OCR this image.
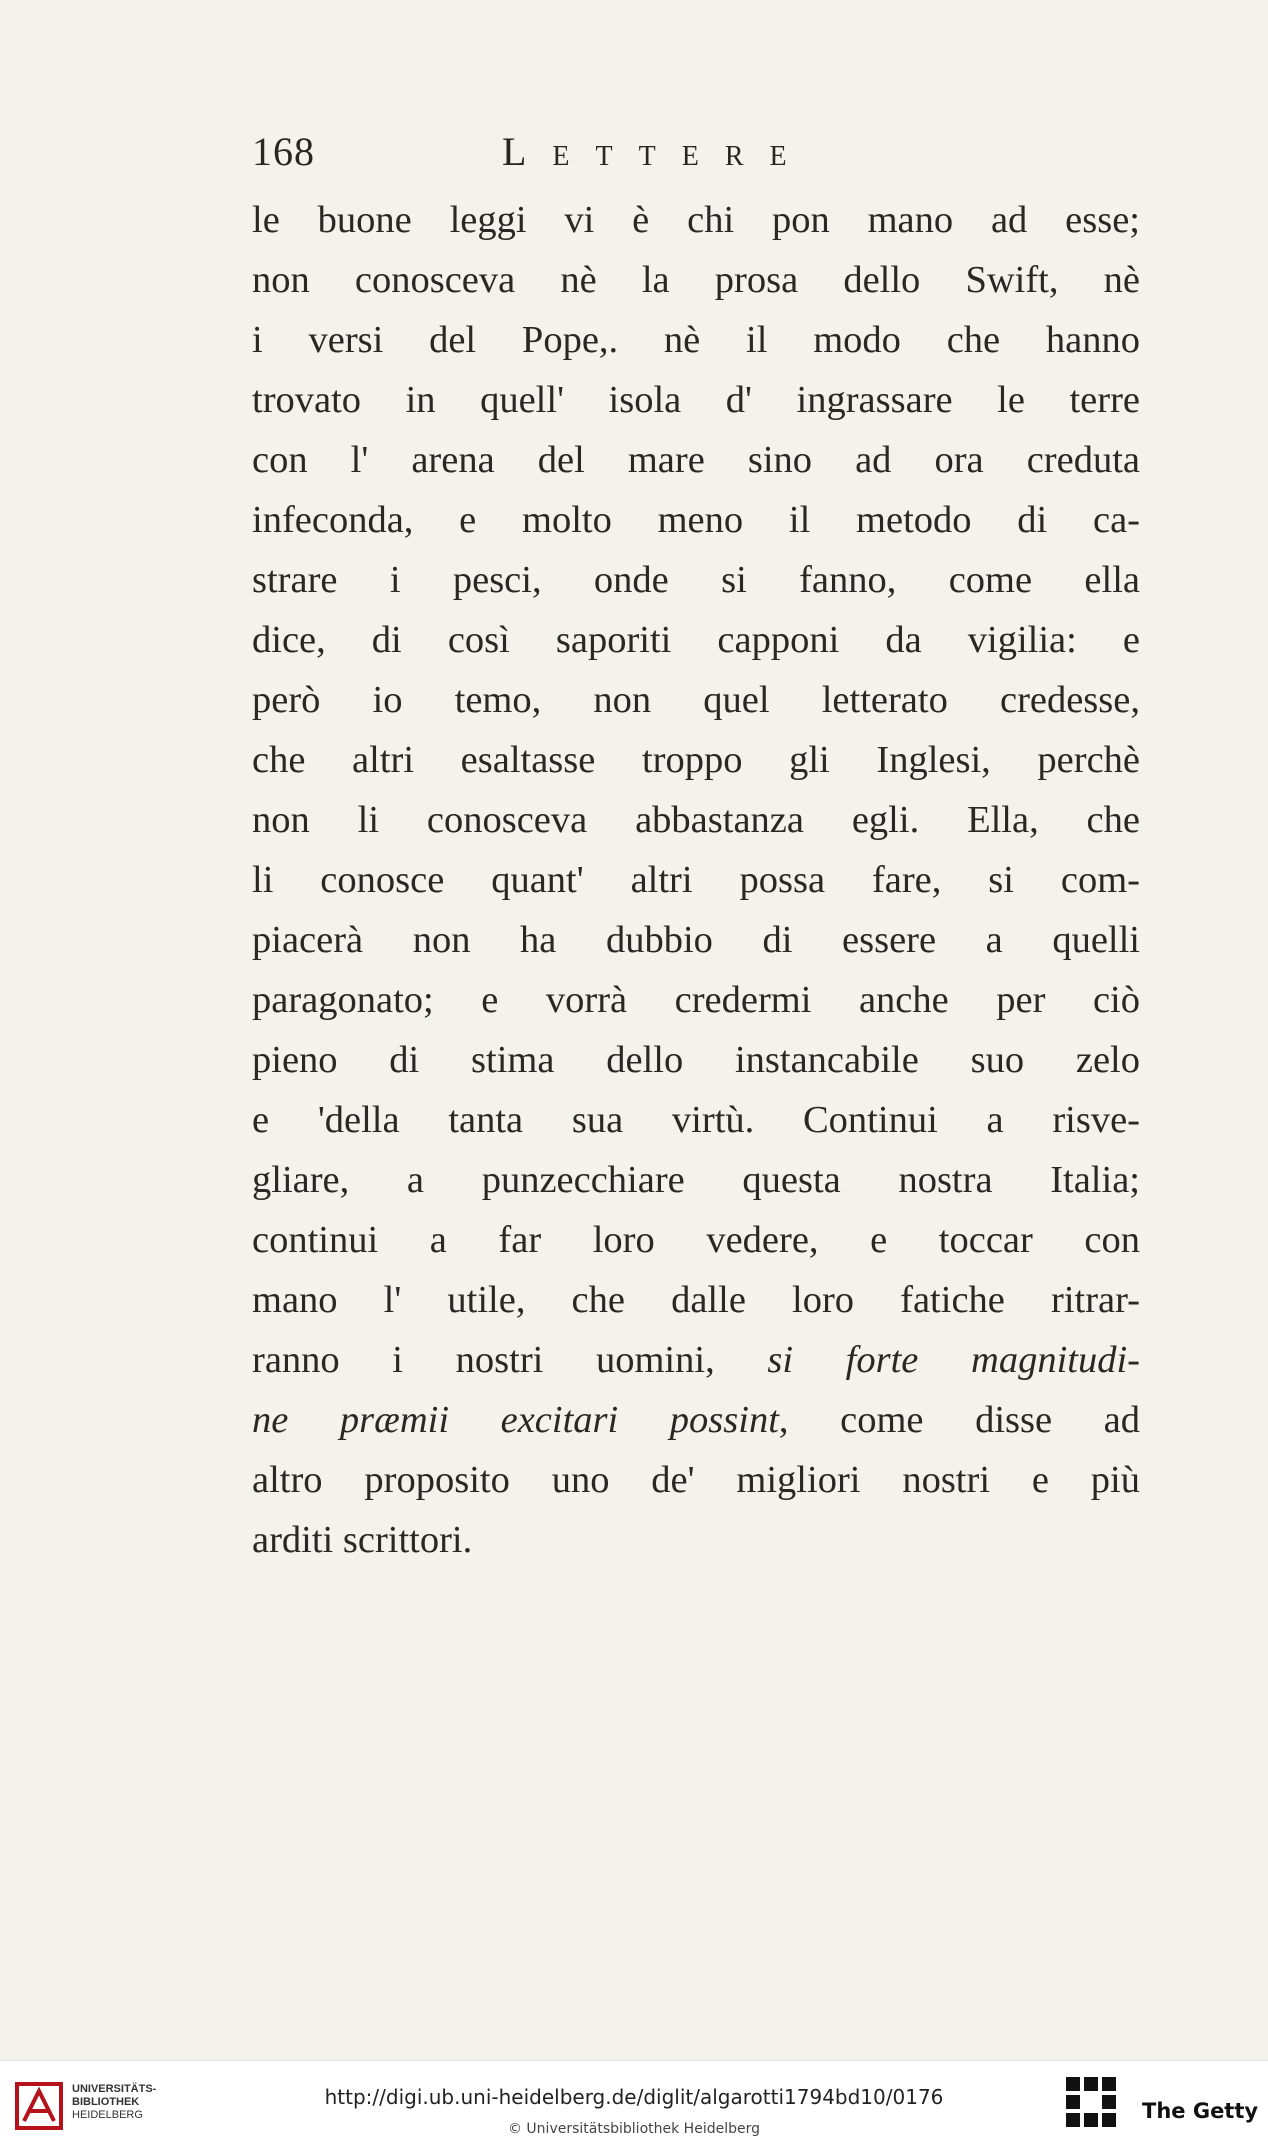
168	Lettere
le buone leggi vi è chi pon mano ad esse;
non conosceva nè la prosa dello Swift, nè
i versi del Pope,. nè il modo che hanno
trovato in quell' isola d' ingrassare le terre
con l' arena del mare sino ad ora creduta
infeconda, e molto meno il metodo di ca-
strare i pesci, onde si fanno, come ella
dice, di così saporiti capponi da vigilia: e
però io temo, non quel letterato credesse,
che altri esaltasse troppo gli Inglesi, perchè
non li conosceva abbastanza egli. Ella, che
li conosce quant' altri possa fare, si com-
piacerà non ha dubbio di essere a quelli
paragonato; e vorrà credermi anche per ciò
pieno di stima dello instancabile suo zelo
e 'della tanta sua virtù. Continui a risve-
gliare, a punzecchiare questa nostra Italia;
continui a far loro vedere, e toccar con
mano l' utile, che dalle loro fatiche ritrar-
ranno i nostri uomini, si forte magnitudi-
ne præmii excitari possint, come disse ad
altro proposito uno de' migliori nostri e più
arditi scrittori.
UNIVERSITÄTS-
BIBLIOTHEK
HEIDELBERG
http://digi.ub.uni-heidelberg.de/diglit/algarotti1794bd10/0176
© Universitätsbibliothek Heidelberg
The Getty
